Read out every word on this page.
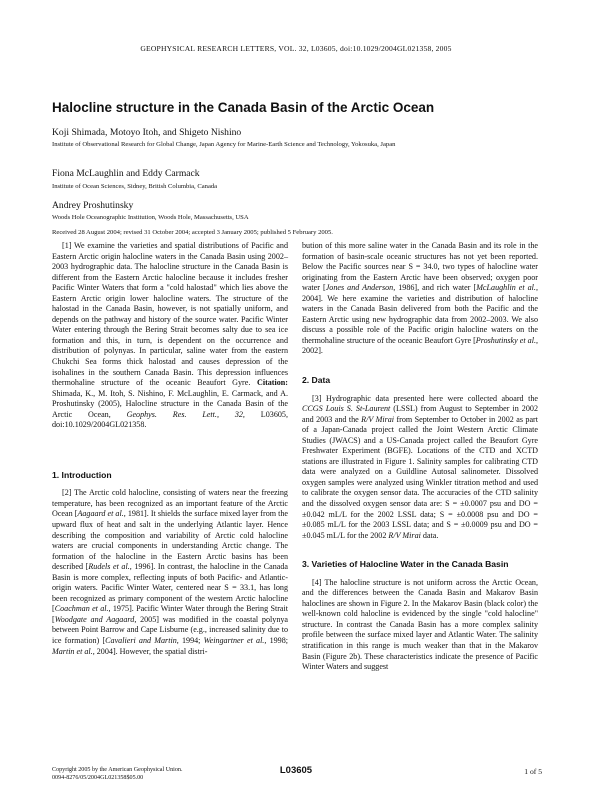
GEOPHYSICAL RESEARCH LETTERS, VOL. 32, L03605, doi:10.1029/2004GL021358, 2005
Halocline structure in the Canada Basin of the Arctic Ocean
Koji Shimada, Motoyo Itoh, and Shigeto Nishino
Institute of Observational Research for Global Change, Japan Agency for Marine-Earth Science and Technology, Yokosuka, Japan
Fiona McLaughlin and Eddy Carmack
Institute of Ocean Sciences, Sidney, British Columbia, Canada
Andrey Proshutinsky
Woods Hole Oceanographic Institution, Woods Hole, Massachusetts, USA
Received 28 August 2004; revised 31 October 2004; accepted 3 January 2005; published 5 February 2005.

[1] We examine the varieties and spatial distributions of Pacific and Eastern Arctic origin halocline waters in the Canada Basin using 2002–2003 hydrographic data. The halocline structure in the Canada Basin is different from the Eastern Arctic halocline because it includes fresher Pacific Winter Waters that form a "cold halostad" which lies above the Eastern Arctic origin lower halocline waters. The structure of the halostad in the Canada Basin, however, is not spatially uniform, and depends on the pathway and history of the source water. Pacific Winter Water entering through the Bering Strait becomes salty due to sea ice formation and this, in turn, is dependent on the occurrence and distribution of polynyas. In particular, saline water from the eastern Chukchi Sea forms thick halostad and causes depression of the isohalines in the southern Canada Basin. This depression influences thermohaline structure of the oceanic Beaufort Gyre. Citation: Shimada, K., M. Itoh, S. Nishino, F. McLaughlin, E. Carmack, and A. Proshutinsky (2005), Halocline structure in the Canada Basin of the Arctic Ocean, Geophys. Res. Lett., 32, L03605, doi:10.1029/2004GL021358.

1. Introduction

[2] The Arctic cold halocline, consisting of waters near the freezing temperature, has been recognized as an important feature of the Arctic Ocean [Aagaard et al., 1981]. It shields the surface mixed layer from the upward flux of heat and salt in the underlying Atlantic layer. Hence describing the composition and variability of Arctic cold halocline waters are crucial components in understanding Arctic change. The formation of the halocline in the Eastern Arctic basins has been described [Rudels et al., 1996]. In contrast, the halocline in the Canada Basin is more complex, reflecting inputs of both Pacific- and Atlantic-origin waters. Pacific Winter Water, centered near S = 33.1, has long been recognized as primary component of the western Arctic halocline [Coachman et al., 1975]. Pacific Winter Water through the Bering Strait [Woodgate and Aagaard, 2005] was modified in the coastal polynya between Point Barrow and Cape Lisburne (e.g., increased salinity due to ice formation) [Cavalieri and Martin, 1994; Weingartner et al., 1998; Martin et al., 2004]. However, the spatial distri-

bution of this more saline water in the Canada Basin and its role in the formation of basin-scale oceanic structures has not yet been reported. Below the Pacific sources near S = 34.0, two types of halocline water originating from the Eastern Arctic have been observed; oxygen poor water [Jones and Anderson, 1986], and rich water [McLaughlin et al., 2004]. We here examine the varieties and distribution of halocline waters in the Canada Basin delivered from both the Pacific and the Eastern Arctic using new hydrographic data from 2002–2003. We also discuss a possible role of the Pacific origin halocline waters on the thermohaline structure of the oceanic Beaufort Gyre [Proshutinsky et al., 2002].

2. Data

[3] Hydrographic data presented here were collected aboard the CCGS Louis S. St-Laurent (LSSL) from August to September in 2002 and 2003 and the R/V Mirai from September to October in 2002 as part of a Japan-Canada project called the Joint Western Arctic Climate Studies (JWACS) and a US-Canada project called the Beaufort Gyre Freshwater Experiment (BGFE). Locations of the CTD and XCTD stations are illustrated in Figure 1. Salinity samples for calibrating CTD data were analyzed on a Guildline Autosal salinometer. Dissolved oxygen samples were analyzed using Winkler titration method and used to calibrate the oxygen sensor data. The accuracies of the CTD salinity and the dissolved oxygen sensor data are: S = ±0.0007 psu and DO = ±0.042 mL/L for the 2002 LSSL data; S = ±0.0008 psu and DO = ±0.085 mL/L for the 2003 LSSL data; and S = ±0.0009 psu and DO = ±0.045 mL/L for the 2002 R/V Mirai data.

3. Varieties of Halocline Water in the Canada Basin

[4] The halocline structure is not uniform across the Arctic Ocean, and the differences between the Canada Basin and Makarov Basin haloclines are shown in Figure 2. In the Makarov Basin (black color) the well-known cold halocline is evidenced by the single "cold halocline" structure. In contrast the Canada Basin has a more complex salinity profile between the surface mixed layer and Atlantic Water. The salinity stratification in this range is much weaker than that in the Makarov Basin (Figure 2b). These characteristics indicate the presence of Pacific Winter Waters and suggest

Copyright 2005 by the American Geophysical Union.
0094-8276/05/2004GL021358$05.00
L03605	1 of 5
